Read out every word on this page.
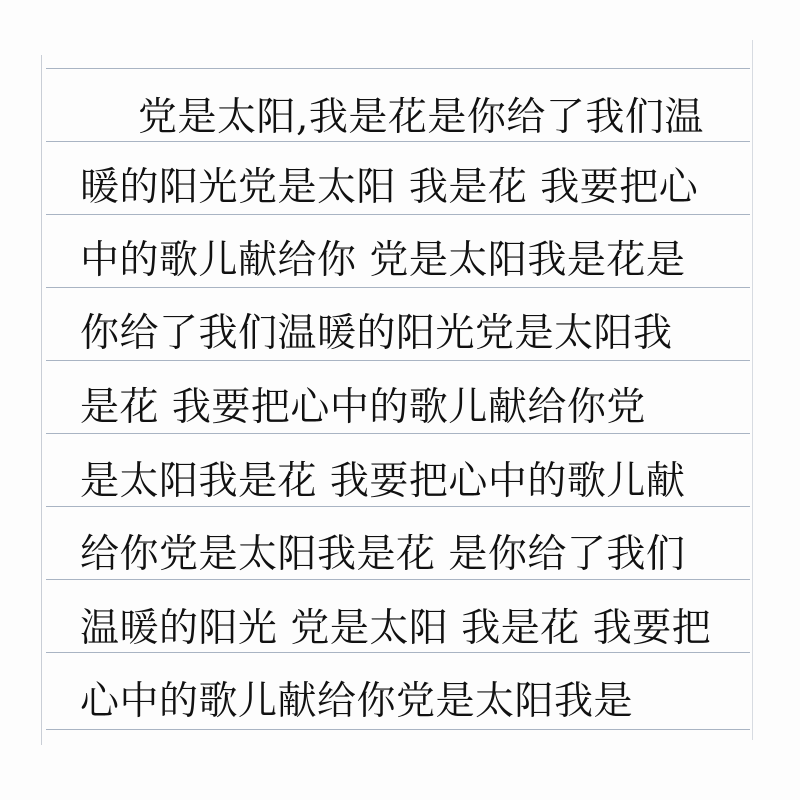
党是太阳,我是花是你给了我们温
暖的阳光党是太阳 我是花 我要把心
中的歌儿献给你 党是太阳我是花是
你给了我们温暖的阳光党是太阳我
是花 我要把心中的歌儿献给你党
是太阳我是花 我要把心中的歌儿献
给你党是太阳我是花 是你给了我们
温暖的阳光 党是太阳 我是花 我要把
心中的歌儿献给你党是太阳我是
